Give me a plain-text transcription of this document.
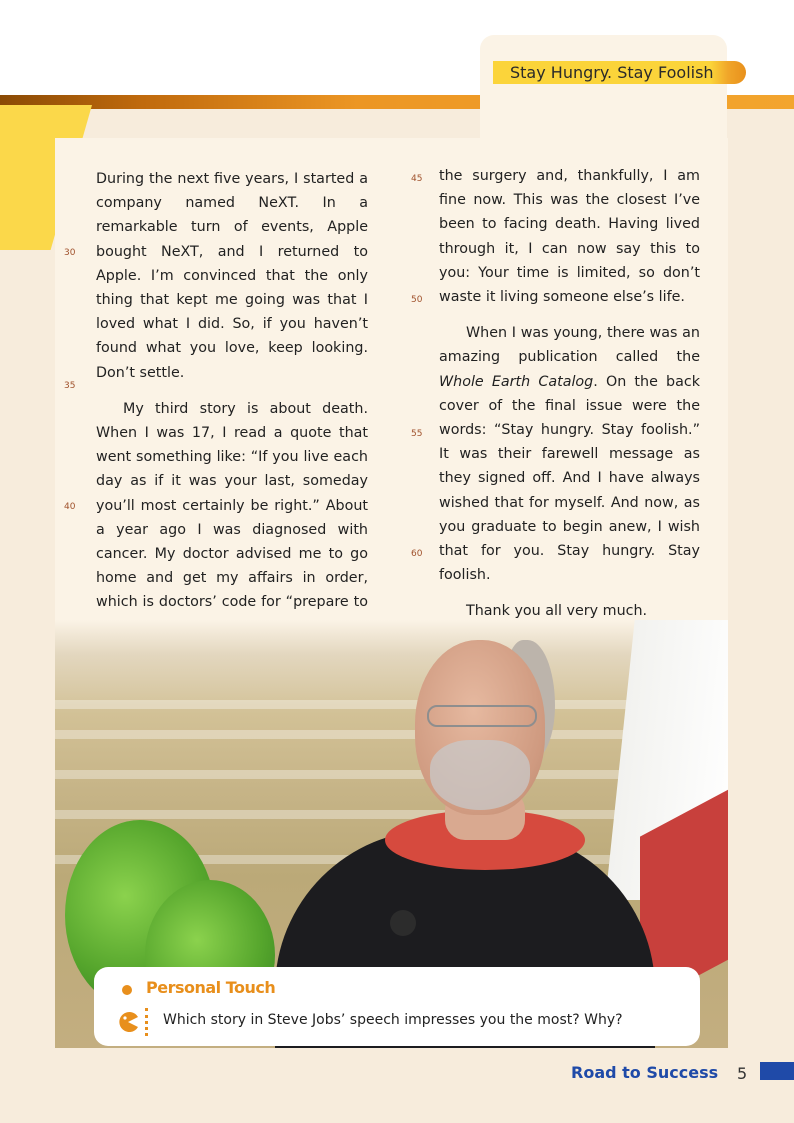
Stay Hungry. Stay Foolish
30
35
40
45
50
55
60

During the next five years, I started a company named NeXT. In a remarkable turn of events, Apple bought NeXT, and I returned to Apple. I’m convinced that the only thing that kept me going was that I loved what I did. So, if you haven’t found what you love, keep looking. Don’t settle.

My third story is about death. When I was 17, I read a quote that went something like: “If you live each day as if it was your last, someday you’ll most certainly be right.” About a year ago I was diagnosed with cancer. My doctor advised me to go home and get my affairs in order, which is doctors’ code for “prepare to

the surgery and, thankfully, I am fine now. This was the closest I’ve been to facing death. Having lived through it, I can now say this to you: Your time is limited, so don’t waste it living someone else’s life.

When I was young, there was an amazing publication called the Whole Earth Catalog. On the back cover of the final issue were the words: “Stay hungry. Stay foolish.” It was their farewell message as they signed off. And I have always wished that for myself. And now, as you graduate to begin anew, I wish that for you. Stay hungry. Stay foolish.

Thank you all very much.

Personal Touch
Which story in Steve Jobs’ speech impresses you the most? Why?
Road to Success 5
